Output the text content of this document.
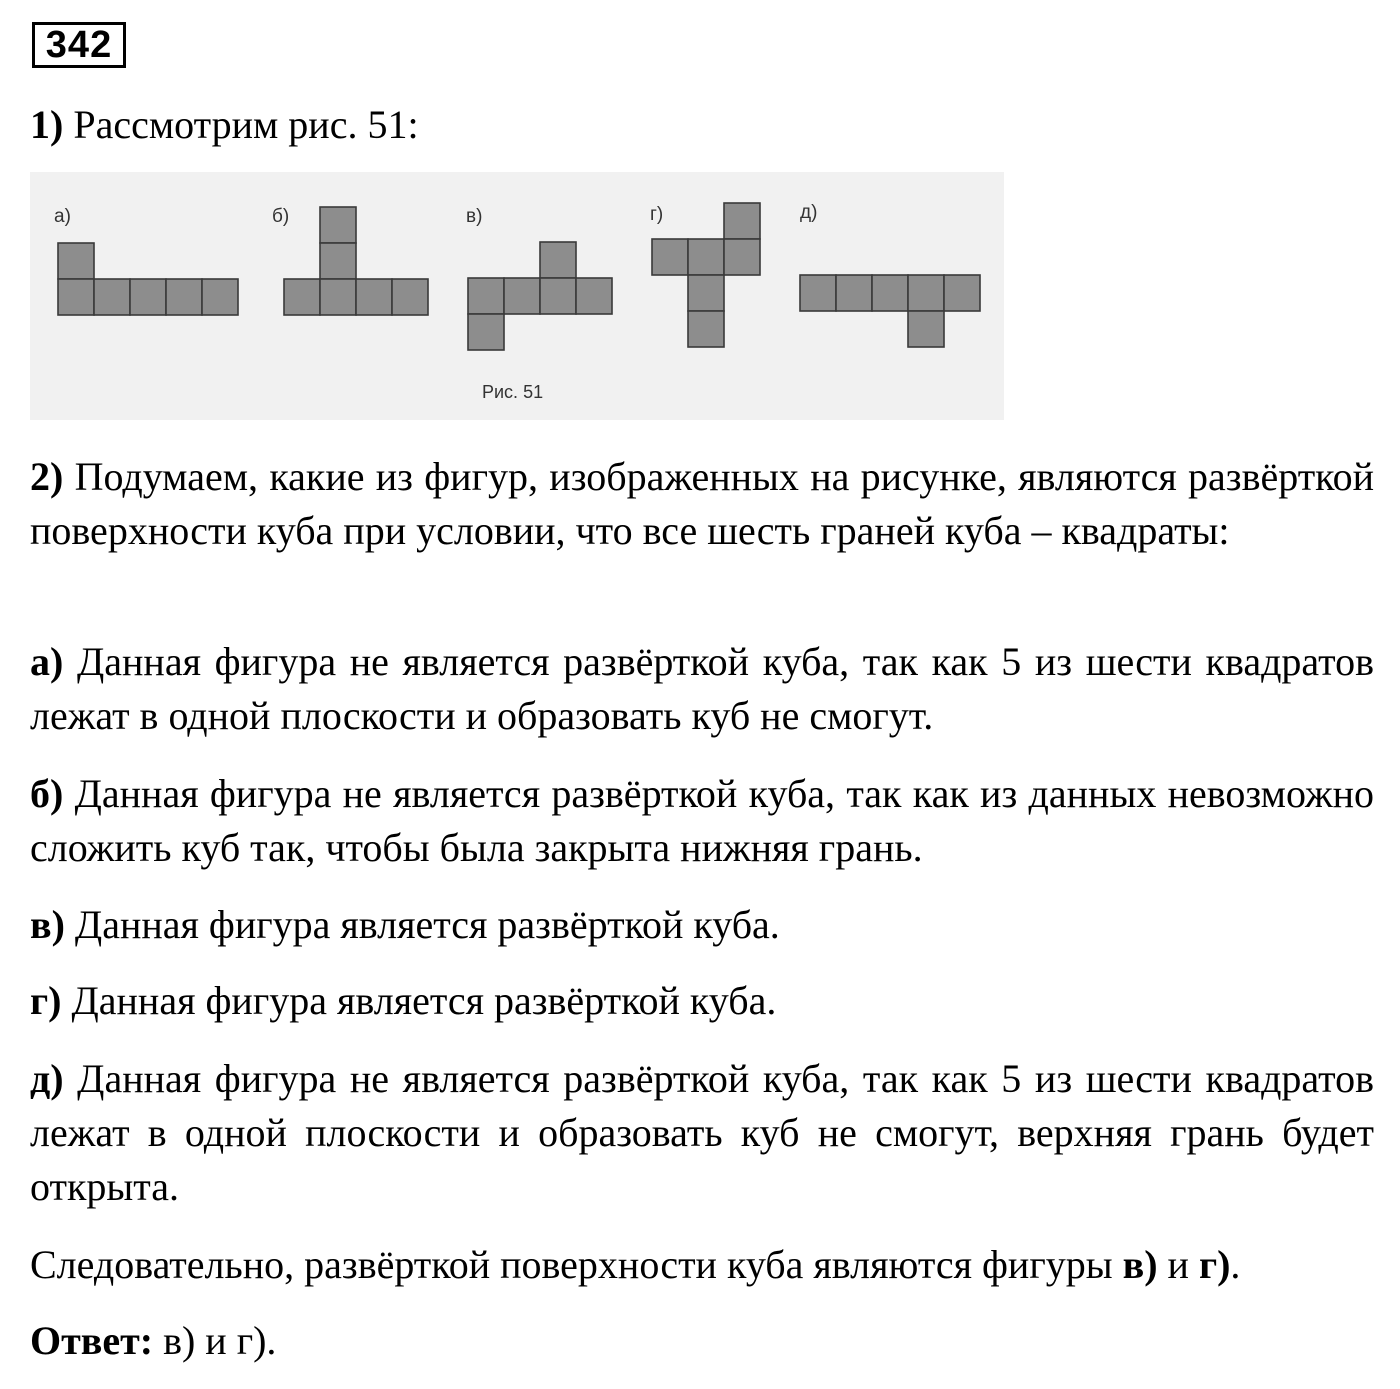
342

1) Рассмотрим рис. 51:

а)	б)	в)	г)	д)
Рис. 51

2) Подумаем, какие из фигур, изображенных на рисунке, являются развёрткой поверхности куба при условии, что все шесть граней куба – квадраты:

а) Данная фигура не является развёрткой куба, так как 5 из шести квадратов лежат в одной плоскости и образовать куб не смогут.

б) Данная фигура не является развёрткой куба, так как из данных невозможно сложить куб так, чтобы была закрыта нижняя грань.

в) Данная фигура является развёрткой куба.

г) Данная фигура является развёрткой куба.

д) Данная фигура не является развёрткой куба, так как 5 из шести квадратов лежат в одной плоскости и образовать куб не смогут, верхняя грань будет открыта.

Следовательно, развёрткой поверхности куба являются фигуры в) и г).

Ответ: в) и г).
